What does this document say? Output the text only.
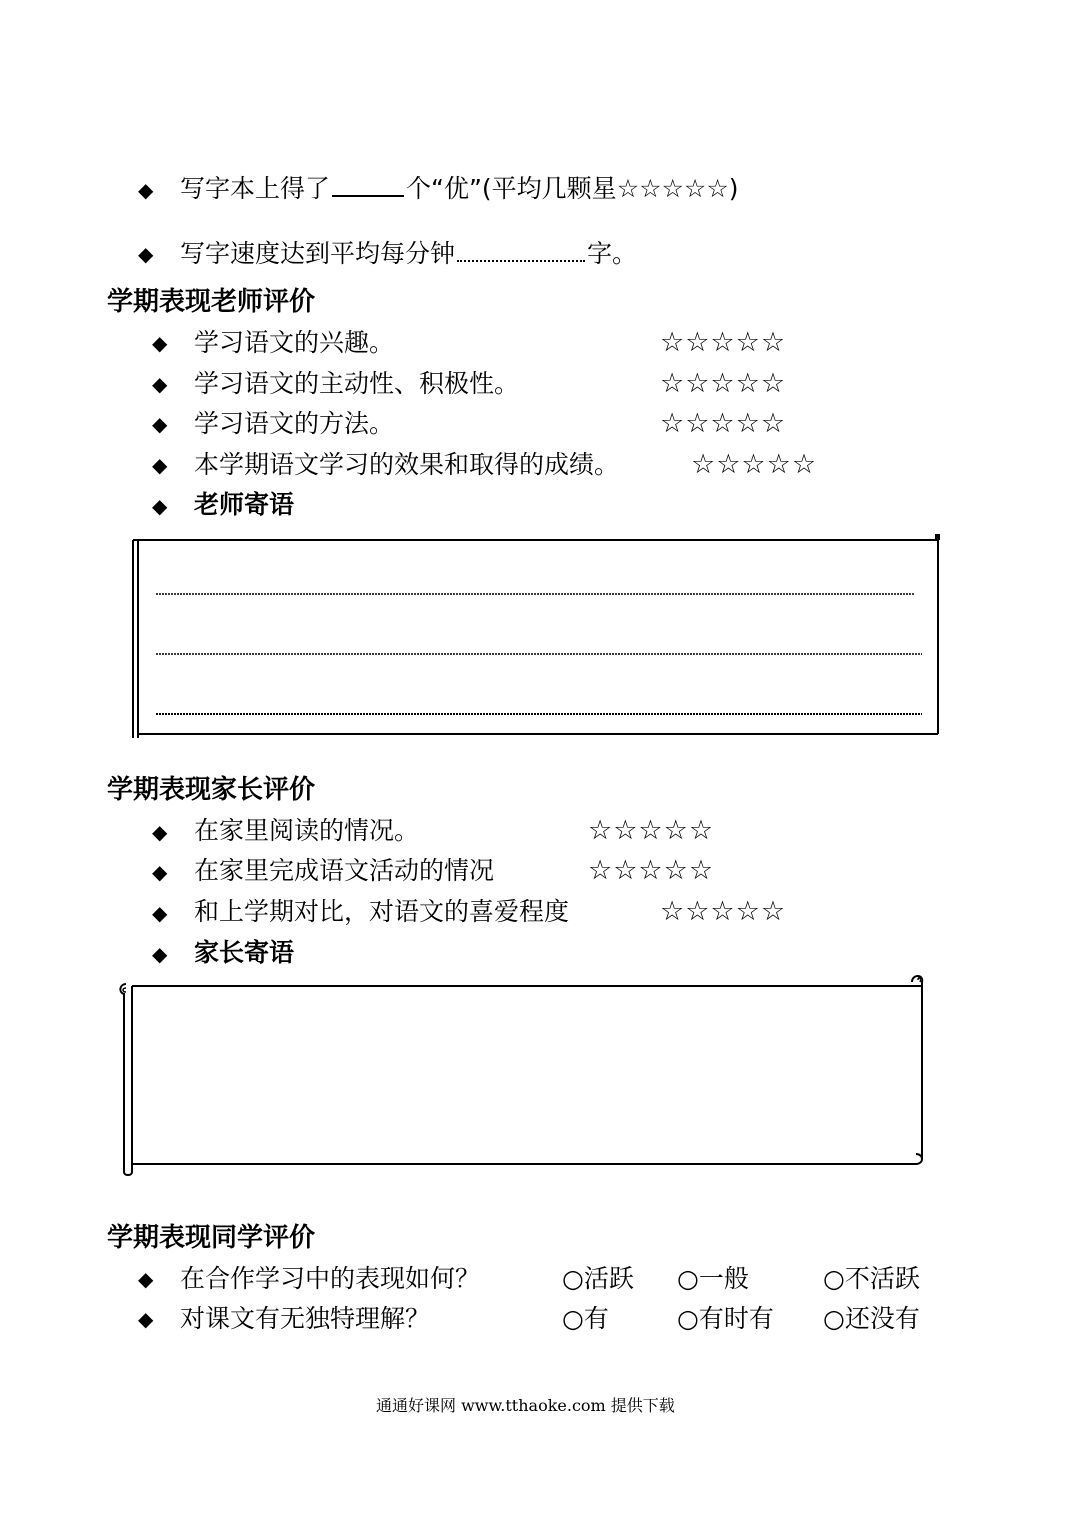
◆ 写字本上得了	个“优”(平均几颗星☆☆☆☆☆)
◆ 写字速度达到平均每分钟	字。
学期表现老师评价
◆ 学习语文的兴趣。	☆☆☆☆☆
◆ 学习语文的主动性、积极性。	☆☆☆☆☆
◆ 学习语文的方法。	☆☆☆☆☆
◆ 本学期语文学习的效果和取得的成绩。	☆☆☆☆☆
◆ 老师寄语
学期表现家长评价
◆ 在家里阅读的情况。	☆☆☆☆☆
◆ 在家里完成语文活动的情况	☆☆☆☆☆
◆ 和上学期对比，对语文的喜爱程度	☆☆☆☆☆
◆ 家长寄语
学期表现同学评价
◆ 在合作学习中的表现如何？	○活跃 ○一般	○不活跃
◆ 对课文有无独特理解？	○有	○有时有 ○还没有
通通好课网 www.tthaoke.com 提供下载
